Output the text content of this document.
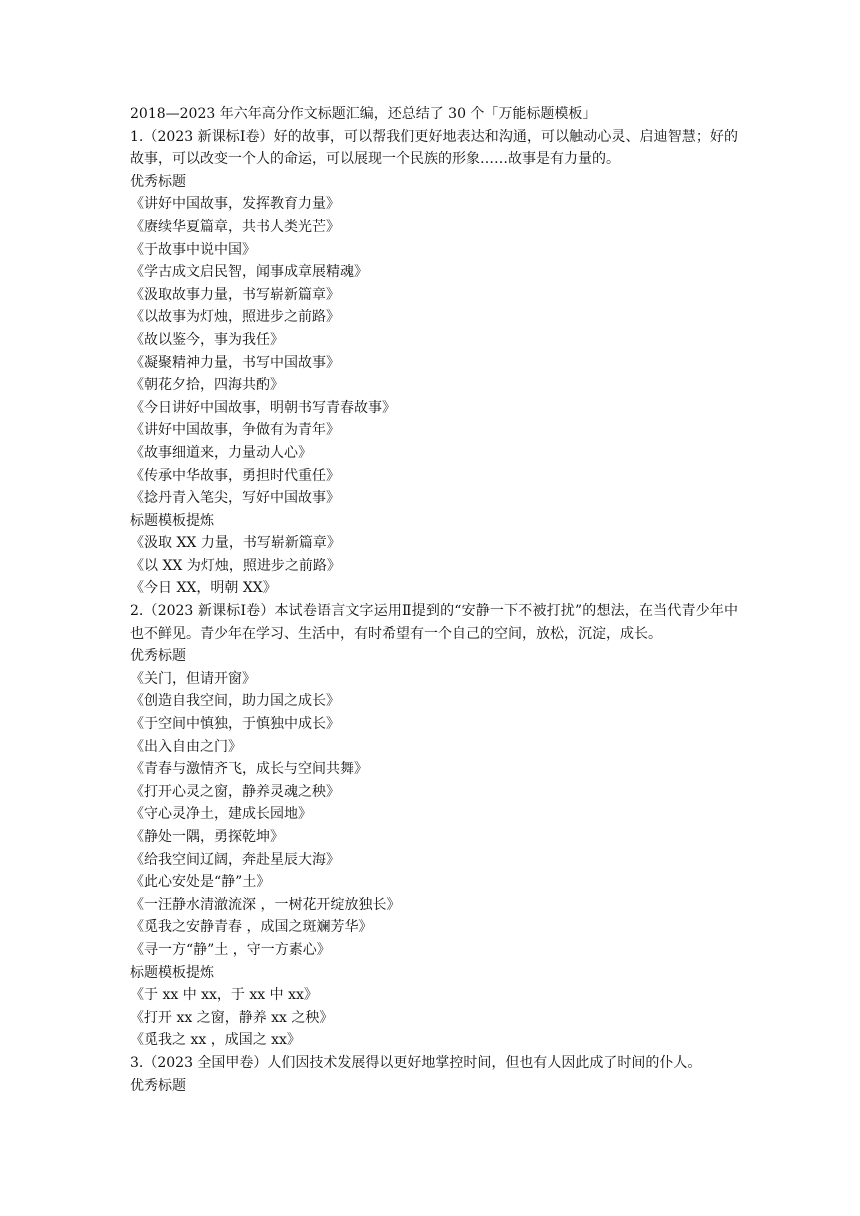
2018—2023 年六年高分作文标题汇编，还总结了 30 个「万能标题模板」
1.（2023 新课标Ⅰ卷）好的故事，可以帮我们更好地表达和沟通，可以触动心灵、启迪智慧；好的故事，可以改变一个人的命运，可以展现一个民族的形象……故事是有力量的。
优秀标题
《讲好中国故事，发挥教育力量》
《赓续华夏篇章，共书人类光芒》
《于故事中说中国》
《学古成文启民智，闻事成章展精魂》
《汲取故事力量，书写崭新篇章》
《以故事为灯烛，照进步之前路》
《故以鉴今，事为我任》
《凝聚精神力量，书写中国故事》
《朝花夕拾，四海共酌》
《今日讲好中国故事，明朝书写青春故事》
《讲好中国故事，争做有为青年》
《故事细道来，力量动人心》
《传承中华故事，勇担时代重任》
《捻丹青入笔尖，写好中国故事》
标题模板提炼
《汲取 XX 力量，书写崭新篇章》
《以 XX 为灯烛，照进步之前路》
《今日 XX，明朝 XX》
2.（2023 新课标Ⅰ卷）本试卷语言文字运用Ⅱ提到的“安静一下不被打扰”的想法，在当代青少年中也不鲜见。青少年在学习、生活中，有时希望有一个自己的空间，放松，沉淀，成长。
优秀标题
《关门，但请开窗》
《创造自我空间，助力国之成长》
《于空间中慎独，于慎独中成长》
《出入自由之门》
《青春与激情齐飞，成长与空间共舞》
《打开心灵之窗，静养灵魂之秧》
《守心灵净土，建成长园地》
《静处一隅，勇探乾坤》
《给我空间辽阔，奔赴星辰大海》
《此心安处是“静”土》
《一汪静水清澈流深 ，一树花开绽放独长》
《觅我之安静青春 ，成国之斑斓芳华》
《寻一方“静”土 ，守一方素心》
标题模板提炼
《于 xx 中 xx，于 xx 中 xx》
《打开 xx 之窗，静养 xx 之秧》
《觅我之 xx ，成国之 xx》
3.（2023 全国甲卷）人们因技术发展得以更好地掌控时间，但也有人因此成了时间的仆人。
优秀标题
